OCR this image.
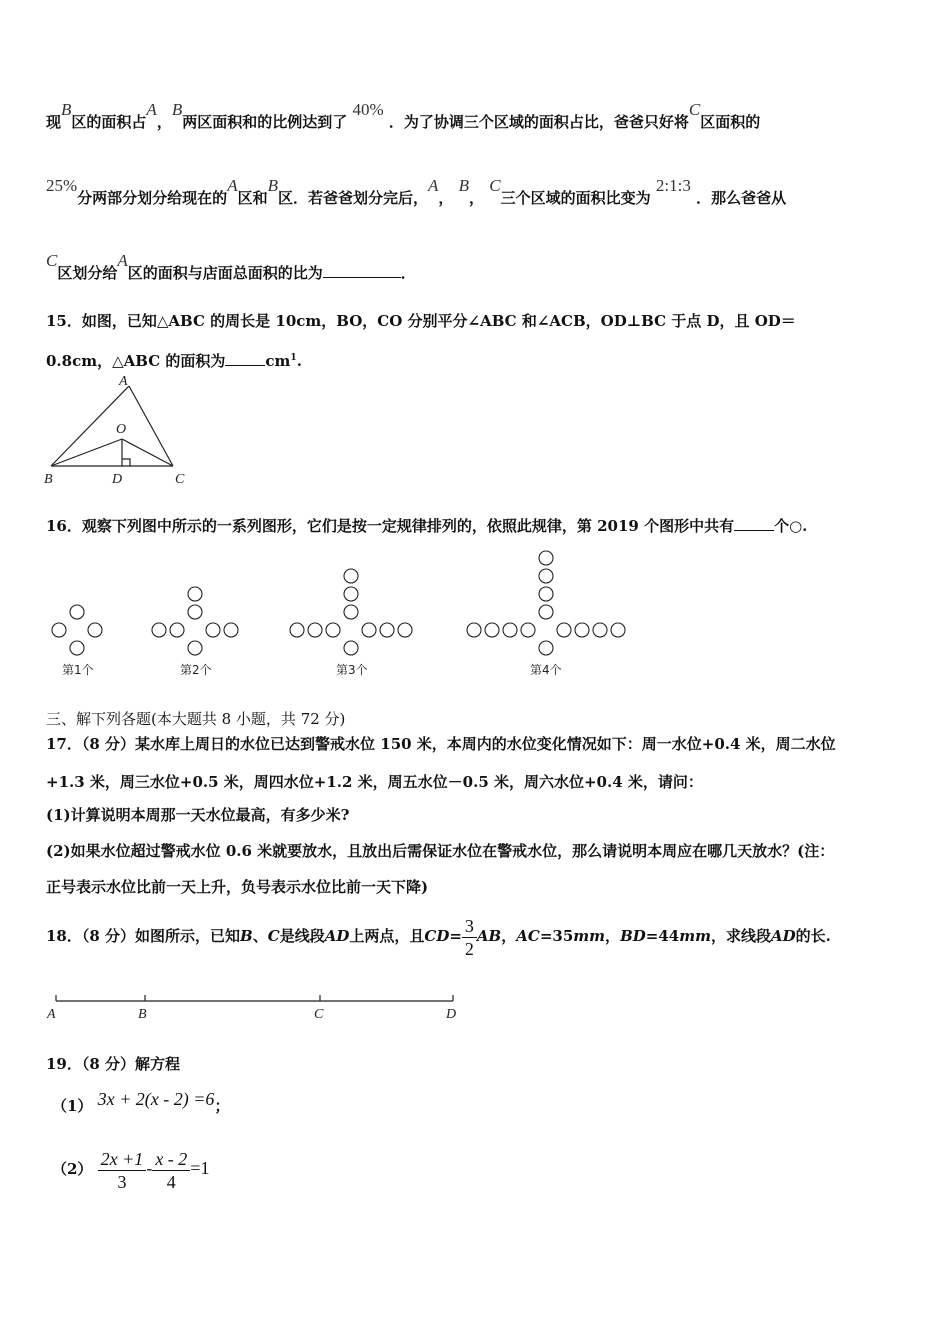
现B区的面积占A，B两区面积和的比例达到了 40% ．为了协调三个区域的面积占比，爸爸只好将C区面积的
25%分两部分划分给现在的A区和B区．若爸爸划分完后，A， B， C三个区域的面积比变为 2:1:3 ．那么爸爸从
C区划分给A区的面积与店面总面积的比为	．
15．如图，已知△ABC 的周长是 10cm，BO，CO 分别平分∠ABC 和∠ACB，OD⊥BC 于点 D，且 OD＝
0.8cm，△ABC 的面积为	$cm^1$.
A
O
B	D	C
16．观察下列图中所示的一系列图形，它们是按一定规律排列的，依照此规律，第 2019 个图形中共有	个○.
第1个	第2个	第3个	第4个
三、解下列各题(本大题共 8 小题，共 72 分)
17．（8 分）某水库上周日的水位已达到警戒水位 150 米，本周内的水位变化情况如下：周一水位+0.4 米，周二水位
+1.3 米，周三水位+0.5 米，周四水位+1.2 米，周五水位－0.5 米，周六水位+0.4 米，请问：
(1)计算说明本周那一天水位最高，有多少米?
(2)如果水位超过警戒水位 0.6 米就要放水，且放出后需保证水位在警戒水位，那么请说明本周应在哪几天放水？(注：
正号表示水位比前一天上升，负号表示水位比前一天下降)
18．（8 分）如图所示，已知B、C是线段AD上两点，且$CD= \frac{3}{2}$ AB，AC=35mm，BD=44mm，求线段AD的长.
A	B	C	D
19．（8 分）解方程
（1） 3x + 2(x - 2) =6；
$(2) \frac{2x +1}{3} - \frac{x - 2}{4} =1$
